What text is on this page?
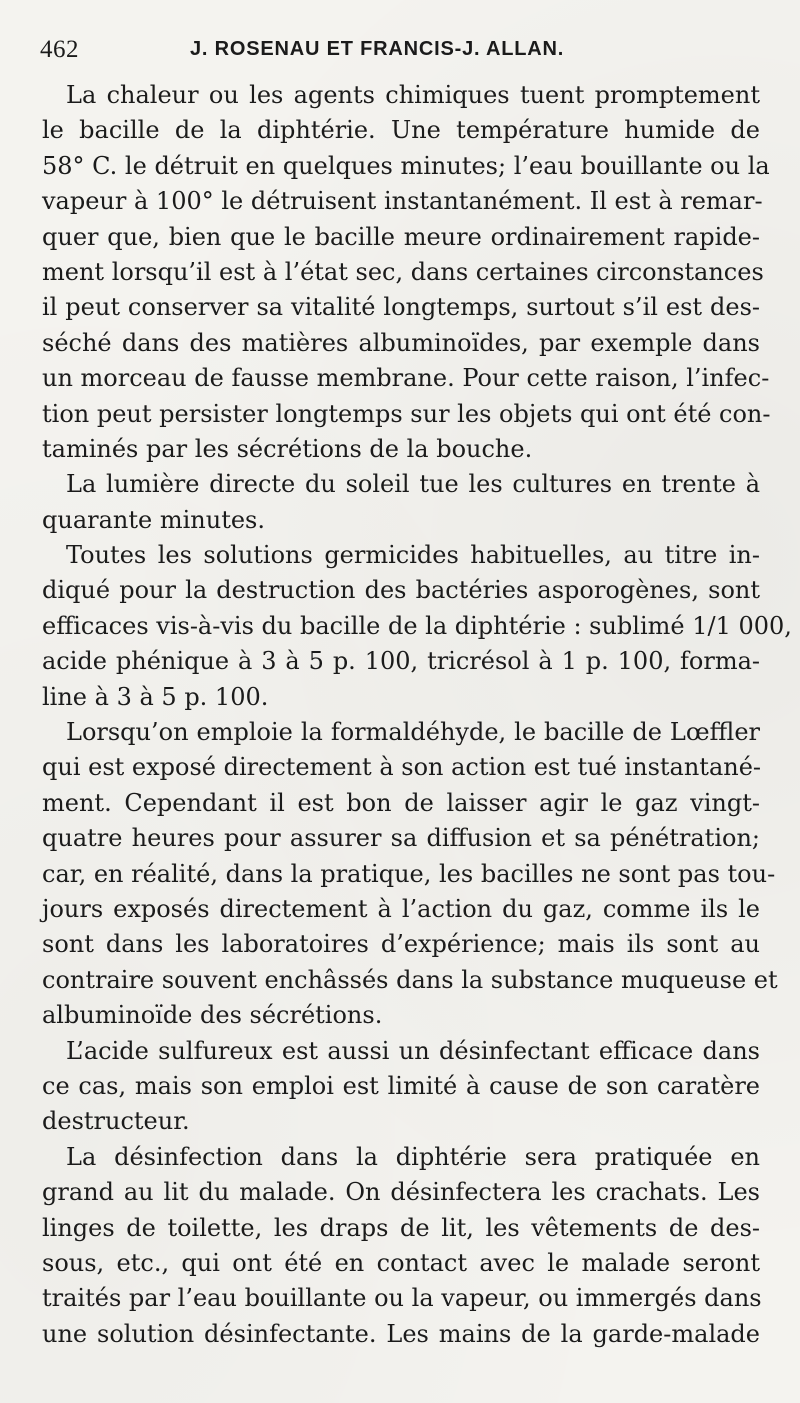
462	J. ROSENAU ET FRANCIS-J. ALLAN.
La chaleur ou les agents chimiques tuent promptement
le bacille de la diphtérie. Une température humide de
58° C. le détruit en quelques minutes; l’eau bouillante ou la
vapeur à 100° le détruisent instantanément. Il est à remar-
quer que, bien que le bacille meure ordinairement rapide-
ment lorsqu’il est à l’état sec, dans certaines circonstances
il peut conserver sa vitalité longtemps, surtout s’il est des-
séché dans des matières albuminoïdes, par exemple dans
un morceau de fausse membrane. Pour cette raison, l’infec-
tion peut persister longtemps sur les objets qui ont été con-
taminés par les sécrétions de la bouche.
La lumière directe du soleil tue les cultures en trente à
quarante minutes.
Toutes les solutions germicides habituelles, au titre in-
diqué pour la destruction des bactéries asporogènes, sont
efficaces vis-à-vis du bacille de la diphtérie : sublimé 1/1 000,
acide phénique à 3 à 5 p. 100, tricrésol à 1 p. 100, forma-
line à 3 à 5 p. 100.
Lorsqu’on emploie la formaldéhyde, le bacille de Lœffler
qui est exposé directement à son action est tué instantané-
ment. Cependant il est bon de laisser agir le gaz vingt-
quatre heures pour assurer sa diffusion et sa pénétration;
car, en réalité, dans la pratique, les bacilles ne sont pas tou-
jours exposés directement à l’action du gaz, comme ils le
sont dans les laboratoires d’expérience; mais ils sont au
contraire souvent enchâssés dans la substance muqueuse et
albuminoïde des sécrétions.
L’acide sulfureux est aussi un désinfectant efficace dans
ce cas, mais son emploi est limité à cause de son caratère
destructeur.
La désinfection dans la diphtérie sera pratiquée en
grand au lit du malade. On désinfectera les crachats. Les
linges de toilette, les draps de lit, les vêtements de des-
sous, etc., qui ont été en contact avec le malade seront
traités par l’eau bouillante ou la vapeur, ou immergés dans
une solution désinfectante. Les mains de la garde-malade
